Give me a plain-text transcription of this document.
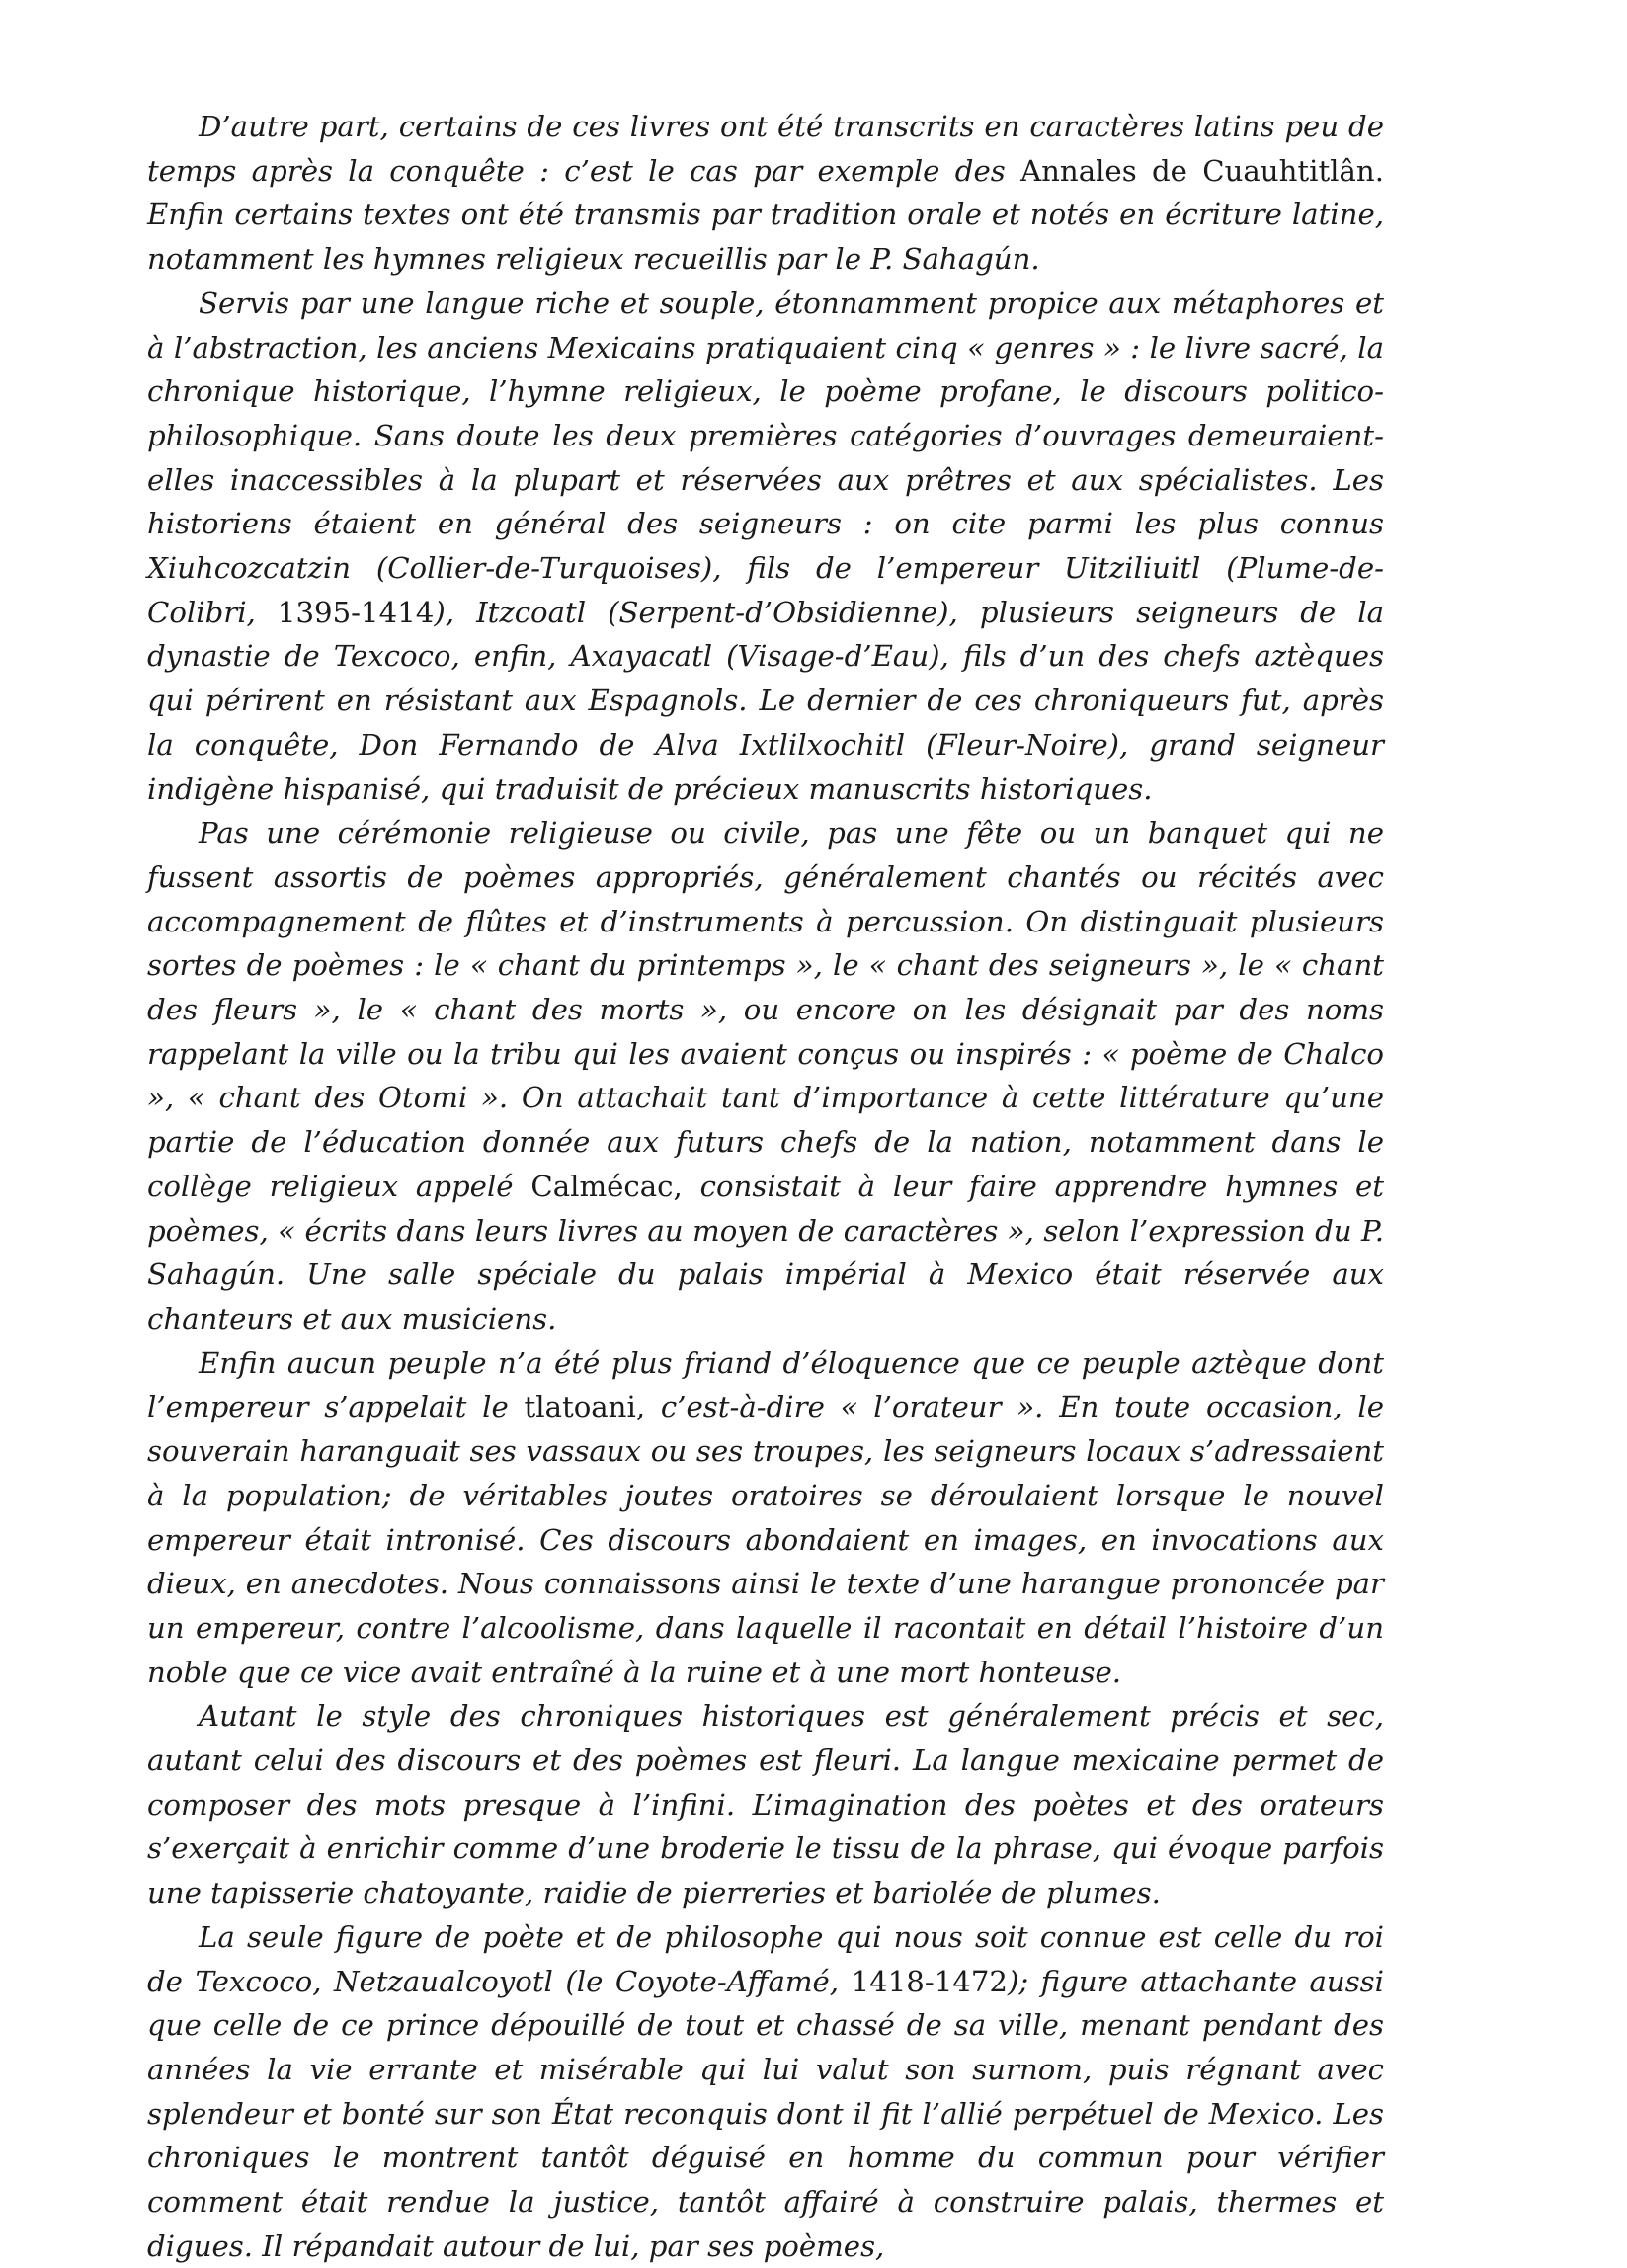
D’autre part, certains de ces livres ont été transcrits en caractères latins peu de temps après la conquête : c’est le cas par exemple des Annales de Cuauhtitlân. Enfin certains textes ont été transmis par tradition orale et notés en écriture latine, notamment les hymnes religieux recueillis par le P. Sahagún.

Servis par une langue riche et souple, étonnamment propice aux métaphores et à l’abstraction, les anciens Mexicains pratiquaient cinq « genres » : le livre sacré, la chronique historique, l’hymne religieux, le poème profane, le discours politico-philosophique. Sans doute les deux premières catégories d’ouvrages demeuraient-elles inaccessibles à la plupart et réservées aux prêtres et aux spécialistes. Les historiens étaient en général des seigneurs : on cite parmi les plus connus Xiuhcozcatzin (Collier-de-Turquoises), fils de l’empereur Uitziliuitl (Plume-de-Colibri, 1395-1414), Itzcoatl (Serpent-d’Obsidienne), plusieurs seigneurs de la dynastie de Texcoco, enfin, Axayacatl (Visage-d’Eau), fils d’un des chefs aztèques qui périrent en résistant aux Espagnols. Le dernier de ces chroniqueurs fut, après la conquête, Don Fernando de Alva Ixtlilxochitl (Fleur-Noire), grand seigneur indigène hispanisé, qui traduisit de précieux manuscrits historiques.

Pas une cérémonie religieuse ou civile, pas une fête ou un banquet qui ne fussent assortis de poèmes appropriés, généralement chantés ou récités avec accompagnement de flûtes et d’instruments à percussion. On distinguait plusieurs sortes de poèmes : le « chant du printemps », le « chant des seigneurs », le « chant des fleurs », le « chant des morts », ou encore on les désignait par des noms rappelant la ville ou la tribu qui les avaient conçus ou inspirés : « poème de Chalco », « chant des Otomi ». On attachait tant d’importance à cette littérature qu’une partie de l’éducation donnée aux futurs chefs de la nation, notamment dans le collège religieux appelé Calmécac, consistait à leur faire apprendre hymnes et poèmes, « écrits dans leurs livres au moyen de caractères », selon l’expression du P. Sahagún. Une salle spéciale du palais impérial à Mexico était réservée aux chanteurs et aux musiciens.

Enfin aucun peuple n’a été plus friand d’éloquence que ce peuple aztèque dont l’empereur s’appelait le tlatoani, c’est-à-dire « l’orateur ». En toute occasion, le souverain haranguait ses vassaux ou ses troupes, les seigneurs locaux s’adressaient à la population; de véritables joutes oratoires se déroulaient lorsque le nouvel empereur était intronisé. Ces discours abondaient en images, en invocations aux dieux, en anecdotes. Nous connaissons ainsi le texte d’une harangue prononcée par un empereur, contre l’alcoolisme, dans laquelle il racontait en détail l’histoire d’un noble que ce vice avait entraîné à la ruine et à une mort honteuse.

Autant le style des chroniques historiques est généralement précis et sec, autant celui des discours et des poèmes est fleuri. La langue mexicaine permet de composer des mots presque à l’infini. L’imagination des poètes et des orateurs s’exerçait à enrichir comme d’une broderie le tissu de la phrase, qui évoque parfois une tapisserie chatoyante, raidie de pierreries et bariolée de plumes.

La seule figure de poète et de philosophe qui nous soit connue est celle du roi de Texcoco, Netzaualcoyotl (le Coyote-Affamé, 1418-1472); figure attachante aussi que celle de ce prince dépouillé de tout et chassé de sa ville, menant pendant des années la vie errante et misérable qui lui valut son surnom, puis régnant avec splendeur et bonté sur son État reconquis dont il fit l’allié perpétuel de Mexico. Les chroniques le montrent tantôt déguisé en homme du commun pour vérifier comment était rendue la justice, tantôt affairé à construire palais, thermes et digues. Il répandait autour de lui, par ses poèmes,
